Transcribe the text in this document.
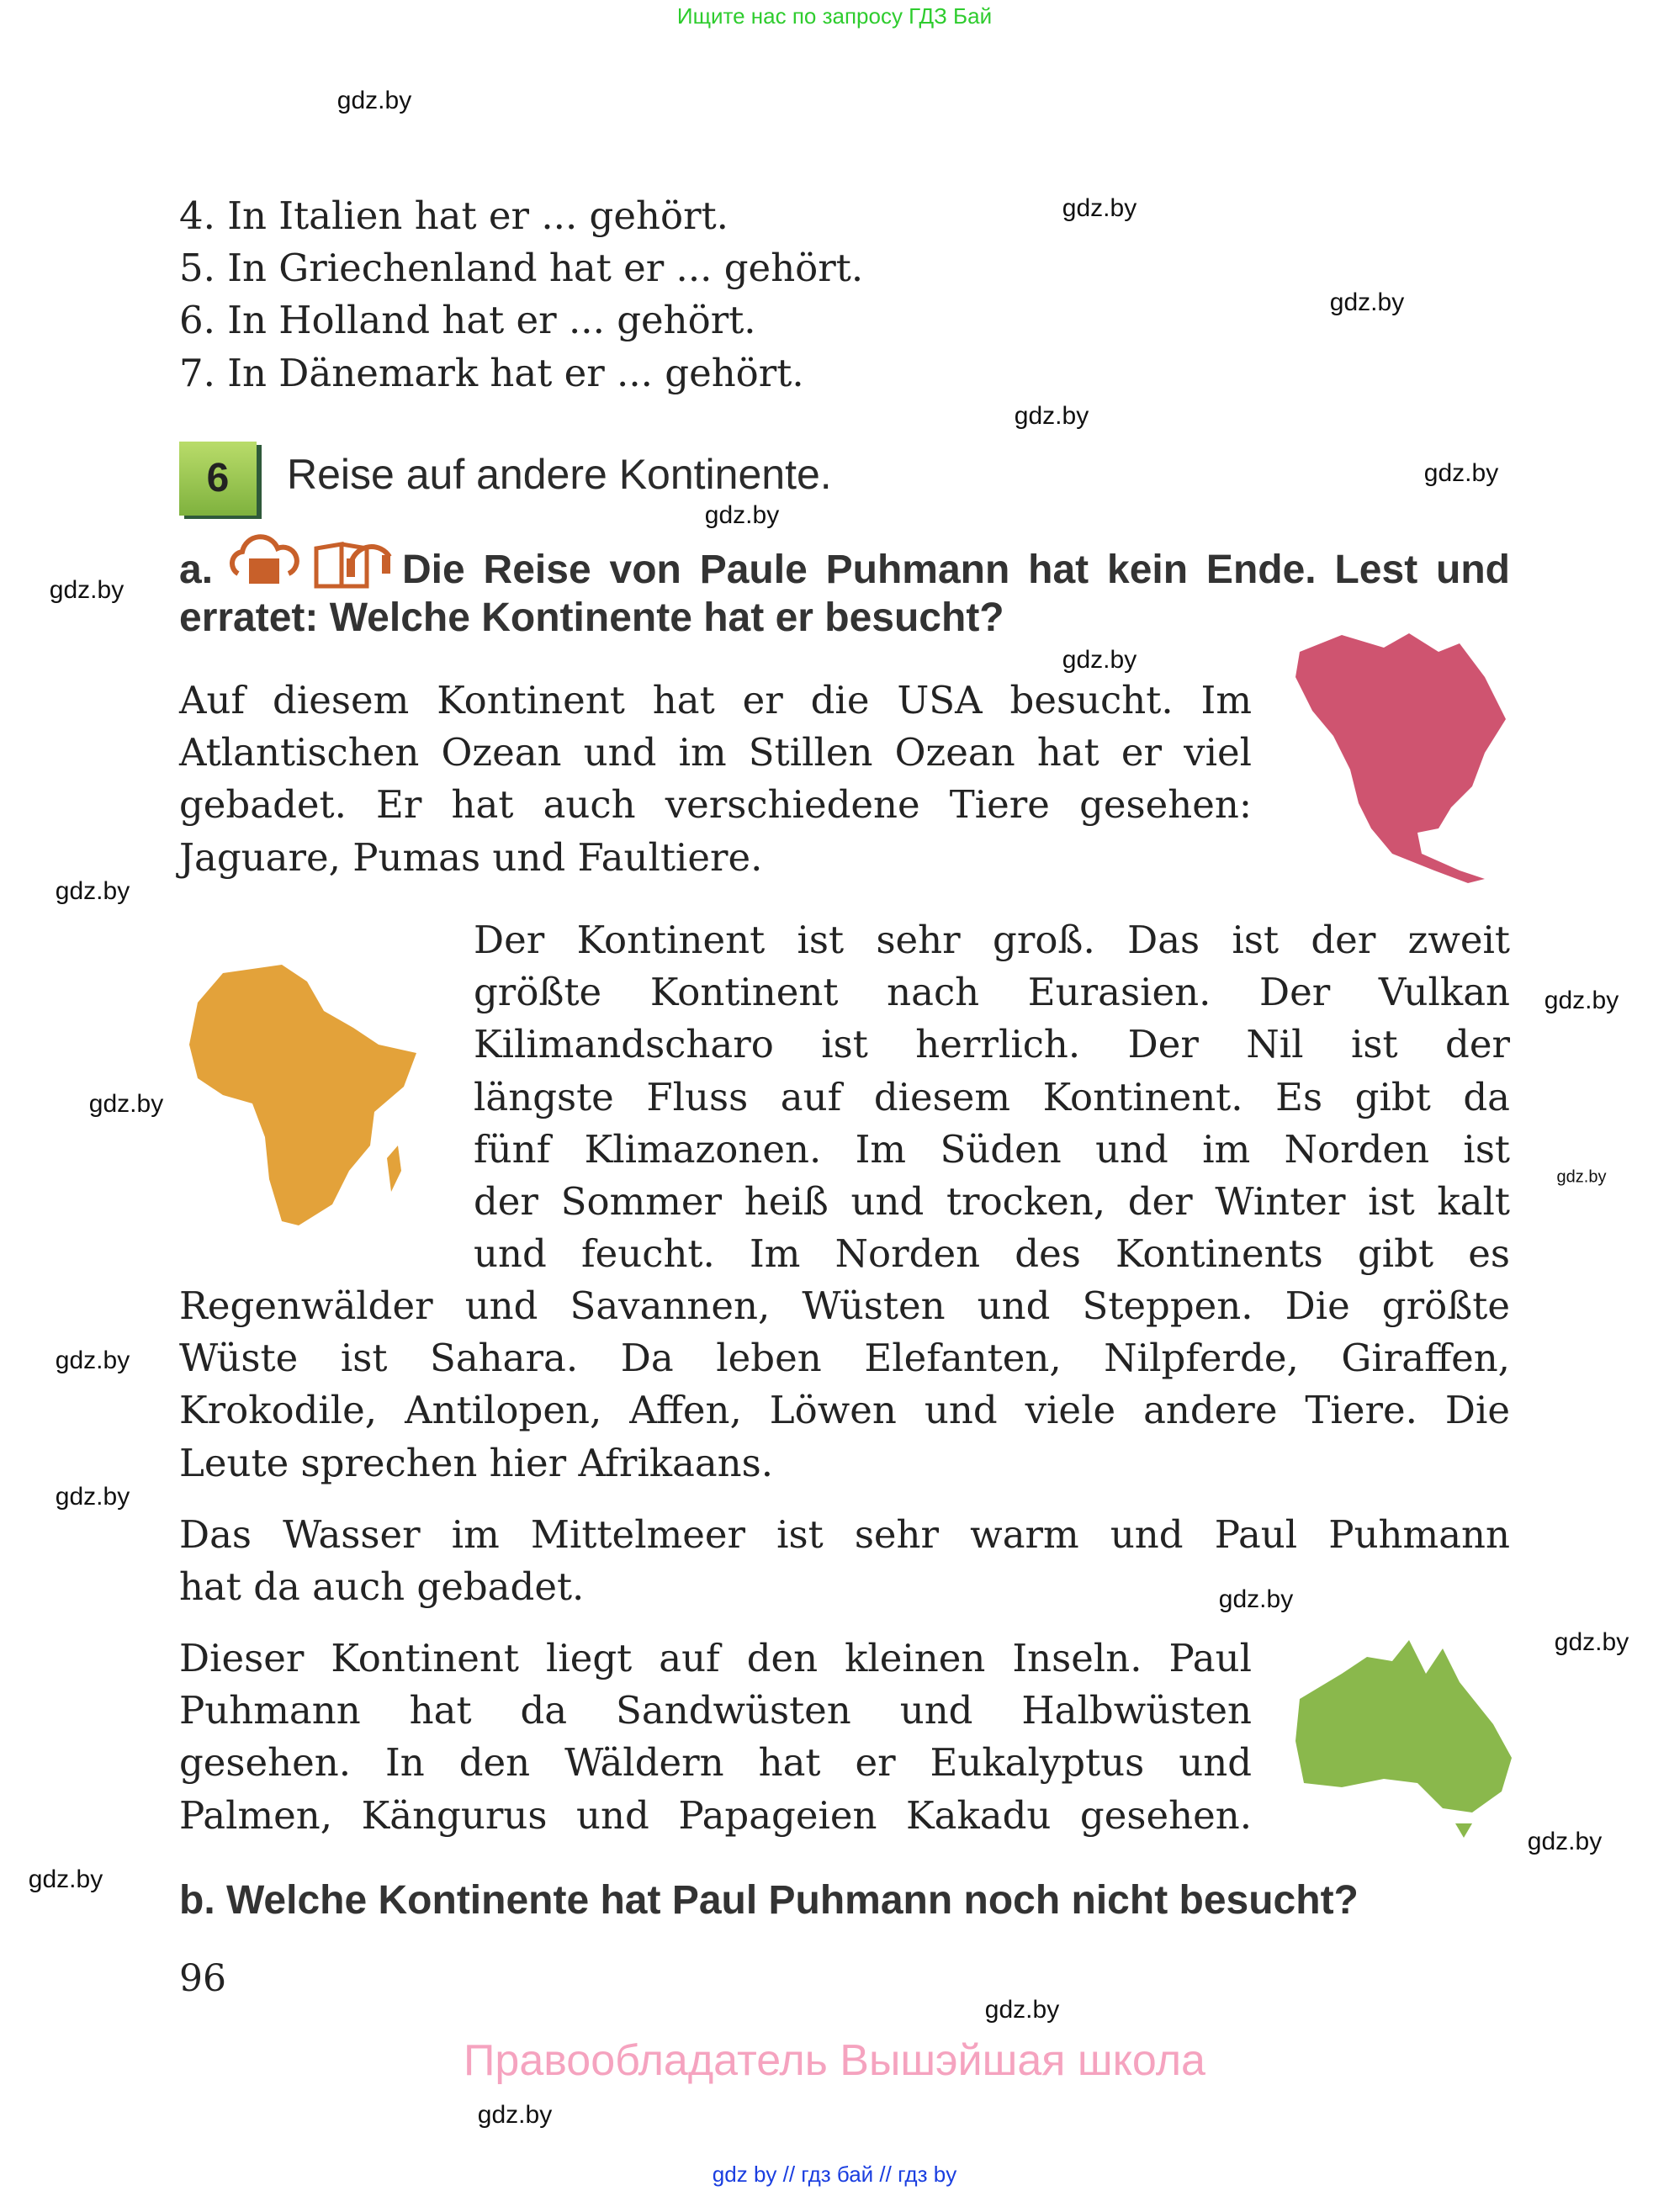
Ищите нас по запросу ГДЗ Бай
4. In Italien hat er ... gehört.
5. In Griechenland hat er ... gehört.
6. In Holland hat er ... gehört.
7. In Dänemark hat er ... gehört.
6	Reise auf andere Kontinente.
a.	Die Reise von Paule Puhmann hat kein Ende. Lest und
erratet: Welche Kontinente hat er besucht?
Auf diesem Kontinent hat er die USA besucht. Im
Atlantischen Ozean und im Stillen Ozean hat er viel
gebadet. Er hat auch verschiedene Tiere gesehen:
Jaguare, Pumas und Faultiere.
Der Kontinent ist sehr groß. Das ist der zweit
größte Kontinent nach Eurasien. Der Vulkan
Kilimandscharo ist herrlich. Der Nil ist der
längste Fluss auf diesem Kontinent. Es gibt da
fünf Klimazonen. Im Süden und im Norden ist
der Sommer heiß und trocken, der Winter ist kalt
und feucht. Im Norden des Kontinents gibt es
Regenwälder und Savannen, Wüsten und Steppen. Die größte
Wüste ist Sahara. Da leben Elefanten, Nilpferde, Giraffen,
Krokodile, Antilopen, Affen, Löwen und viele andere Tiere. Die
Leute sprechen hier Afrikaans.
Das Wasser im Mittelmeer ist sehr warm und Paul Puhmann
hat da auch gebadet.
Dieser Kontinent liegt auf den kleinen Inseln. Paul
Puhmann hat da Sandwüsten und Halbwüsten
gesehen. In den Wäldern hat er Eukalyptus und
Palmen, Kängurus und Papageien Kakadu gesehen.
b. Welche Kontinente hat Paul Puhmann noch nicht besucht?
96
Правообладатель Вышэйшая школа
gdz by // гдз бай // гдз by
gdz.by
gdz.by
gdz.by
gdz.by
gdz.by
gdz.by
gdz.by
gdz.by
gdz.by
gdz.by
gdz.by
gdz.by
gdz.by
gdz.by
gdz.by
gdz.by
gdz.by
gdz.by
gdz.by
gdz.by
